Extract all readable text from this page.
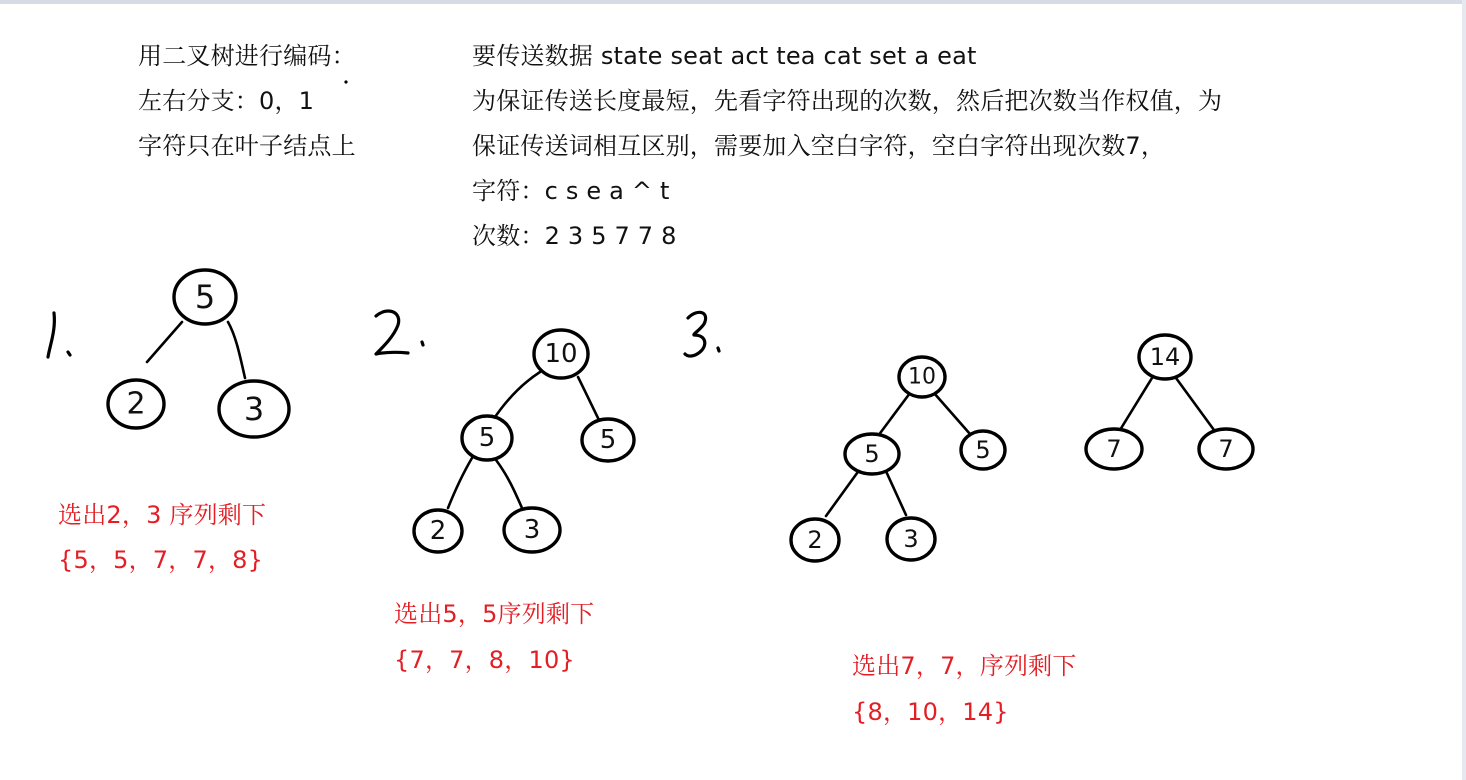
用二叉树进行编码：
左右分支：0，1
字符只在叶子结点上
要传送数据 state seat act tea cat set a eat
为保证传送长度最短，先看字符出现的次数，然后把次数当作权值，为
保证传送词相互区别，需要加入空白字符，空白字符出现次数7，
字符：c s e a ^ t
次数：2 3 5 7 7 8
选出2，3 序列剩下
{5，5，7，7，8}
选出5，5序列剩下
{7，7，8，10}	选出7，7，序列剩下
{8，10，14}
5
2	3
10
5	5
2	3
10
5	5
2	3
14
7	7
